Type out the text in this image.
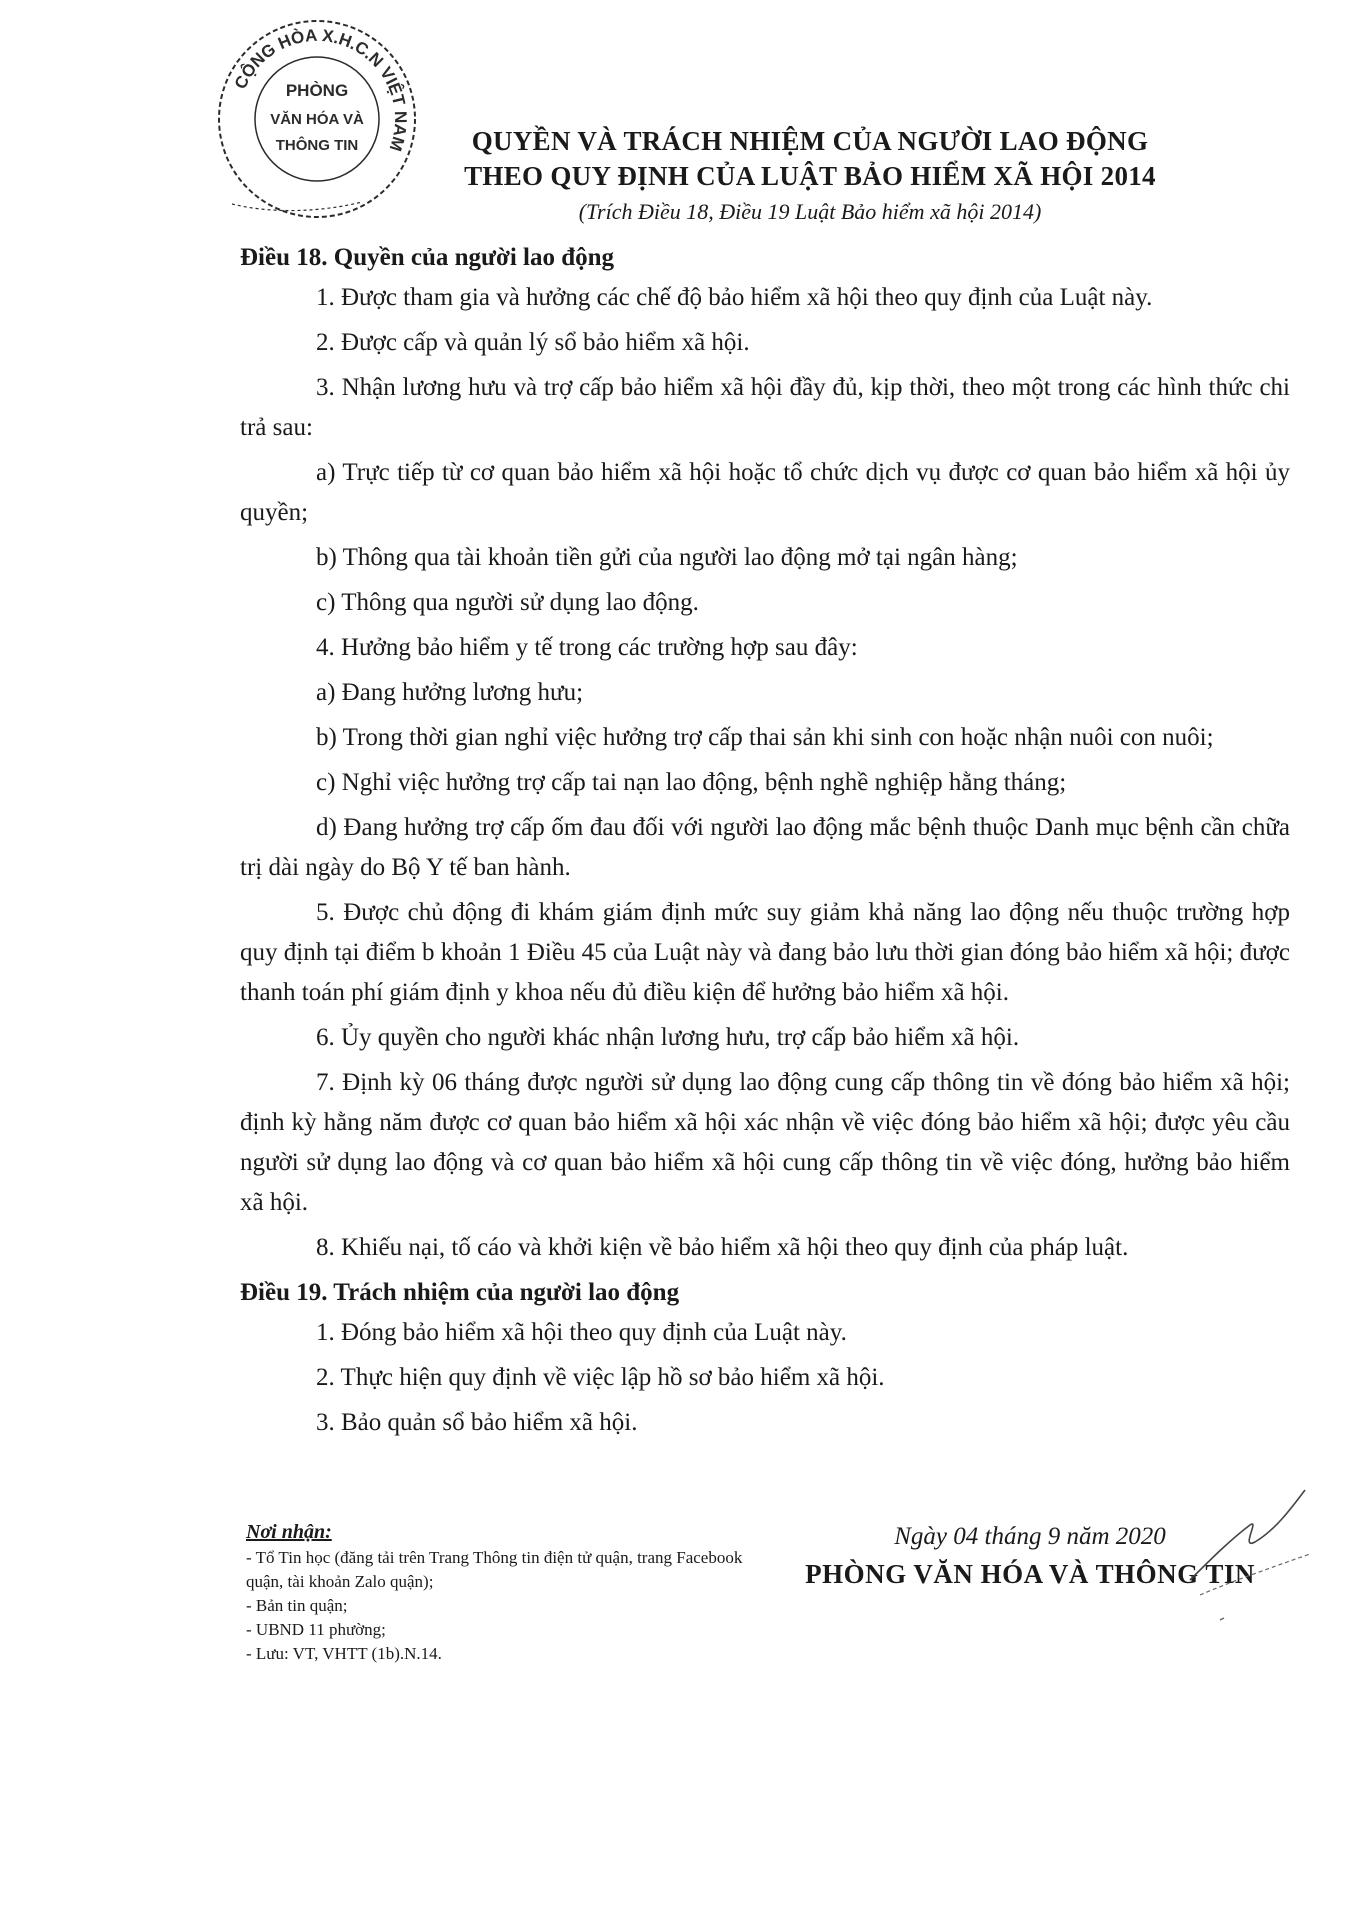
CỘNG HÒA X.H.C.N VIỆT NAM
PHÒNG
VĂN HÓA VÀ
THÔNG TIN	QUYỀN VÀ TRÁCH NHIỆM CỦA NGƯỜI LAO ĐỘNG
THEO QUY ĐỊNH CỦA LUẬT BẢO HIỂM XÃ HỘI 2014
(Trích Điều 18, Điều 19 Luật Bảo hiểm xã hội 2014)

Điều 18. Quyền của người lao động

1. Được tham gia và hưởng các chế độ bảo hiểm xã hội theo quy định của Luật này.

2. Được cấp và quản lý sổ bảo hiểm xã hội.

3. Nhận lương hưu và trợ cấp bảo hiểm xã hội đầy đủ, kịp thời, theo một trong các hình thức chi trả sau:

a) Trực tiếp từ cơ quan bảo hiểm xã hội hoặc tổ chức dịch vụ được cơ quan bảo hiểm xã hội ủy quyền;

b) Thông qua tài khoản tiền gửi của người lao động mở tại ngân hàng;

c) Thông qua người sử dụng lao động.

4. Hưởng bảo hiểm y tế trong các trường hợp sau đây:

a) Đang hưởng lương hưu;

b) Trong thời gian nghỉ việc hưởng trợ cấp thai sản khi sinh con hoặc nhận nuôi con nuôi;

c) Nghỉ việc hưởng trợ cấp tai nạn lao động, bệnh nghề nghiệp hằng tháng;

d) Đang hưởng trợ cấp ốm đau đối với người lao động mắc bệnh thuộc Danh mục bệnh cần chữa trị dài ngày do Bộ Y tế ban hành.

5. Được chủ động đi khám giám định mức suy giảm khả năng lao động nếu thuộc trường hợp quy định tại điểm b khoản 1 Điều 45 của Luật này và đang bảo lưu thời gian đóng bảo hiểm xã hội; được thanh toán phí giám định y khoa nếu đủ điều kiện để hưởng bảo hiểm xã hội.

6. Ủy quyền cho người khác nhận lương hưu, trợ cấp bảo hiểm xã hội.

7. Định kỳ 06 tháng được người sử dụng lao động cung cấp thông tin về đóng bảo hiểm xã hội; định kỳ hằng năm được cơ quan bảo hiểm xã hội xác nhận về việc đóng bảo hiểm xã hội; được yêu cầu người sử dụng lao động và cơ quan bảo hiểm xã hội cung cấp thông tin về việc đóng, hưởng bảo hiểm xã hội.

8. Khiếu nại, tố cáo và khởi kiện về bảo hiểm xã hội theo quy định của pháp luật.

Điều 19. Trách nhiệm của người lao động

1. Đóng bảo hiểm xã hội theo quy định của Luật này.

2. Thực hiện quy định về việc lập hồ sơ bảo hiểm xã hội.

3. Bảo quản sổ bảo hiểm xã hội.

Nơi nhận:

- Tổ Tin học (đăng tải trên Trang Thông tin điện tử quận, trang Facebook quận, tài khoản Zalo quận);

- Bản tin quận;

- UBND 11 phường;

- Lưu: VT, VHTT (1b).N.14.

Ngày 04 tháng 9 năm 2020
PHÒNG VĂN HÓA VÀ THÔNG TIN
